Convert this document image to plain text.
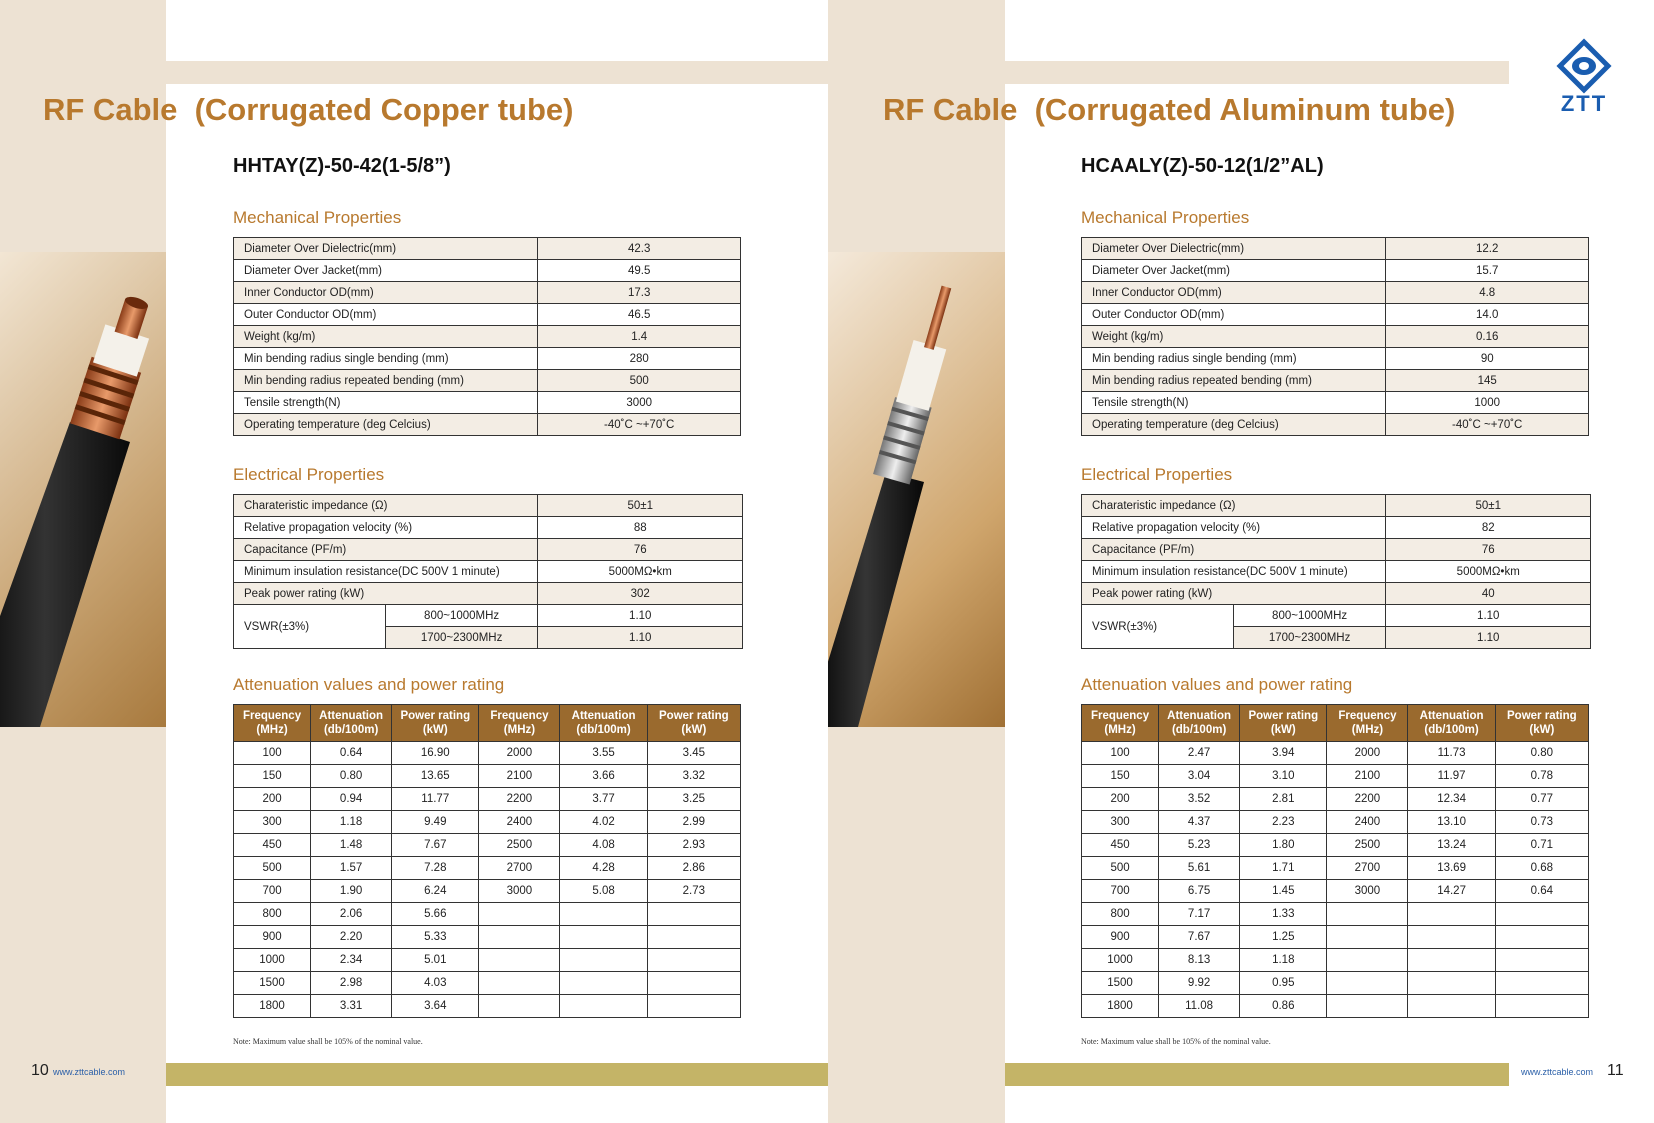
ZTT
RF Cable  (Corrugated Copper tube)
HHTAY(Z)-50-42(1-5/8”)
Mechanical Properties
Diameter Over Dielectric(mm)	42.3
Diameter Over Jacket(mm)	49.5
Inner Conductor OD(mm)	17.3
Outer Conductor OD(mm)	46.5
Weight (kg/m)	1.4
Min bending radius single bending (mm)	280
Min bending radius repeated bending (mm)	500
Tensile strength(N)	3000
Operating temperature (deg Celcius)	-40˚C ~+70˚C
Electrical Properties
Charateristic impedance (Ω)		50±1
Relative propagation velocity (%)		88
Capacitance (PF/m)		76
Minimum insulation resistance(DC 500V 1 minute)		5000MΩ•km
Peak power rating (kW)		302
VSWR(±3%)	800~1000MHz	1.10
	1700~2300MHz	1.10
Attenuation values and power rating
Frequency (MHz)	Attenuation (db/100m)	Power rating (kW)	Frequency (MHz)	Attenuation (db/100m)	Power rating (kW)
100	0.64	16.90	2000	3.55	3.45
150	0.80	13.65	2100	3.66	3.32
200	0.94	11.77	2200	3.77	3.25
300	1.18	9.49	2400	4.02	2.99
450	1.48	7.67	2500	4.08	2.93
500	1.57	7.28	2700	4.28	2.86
700	1.90	6.24	3000	5.08	2.73
800	2.06	5.66			
900	2.20	5.33			
1000	2.34	5.01			
1500	2.98	4.03			
1800	3.31	3.64			
Note: Maximum value shall be 105% of the nominal value.
10 www.zttcable.com
RF Cable  (Corrugated Aluminum tube)
HCAALY(Z)-50-12(1/2”AL)
Mechanical Properties
Diameter Over Dielectric(mm)	12.2
Diameter Over Jacket(mm)	15.7
Inner Conductor OD(mm)	4.8
Outer Conductor OD(mm)	14.0
Weight (kg/m)	0.16
Min bending radius single bending (mm)	90
Min bending radius repeated bending (mm)	145
Tensile strength(N)	1000
Operating temperature (deg Celcius)	-40˚C ~+70˚C
Electrical Properties
Charateristic impedance (Ω)		50±1
Relative propagation velocity (%)		82
Capacitance (PF/m)		76
Minimum insulation resistance(DC 500V 1 minute)		5000MΩ•km
Peak power rating (kW)		40
VSWR(±3%)	800~1000MHz	1.10
	1700~2300MHz	1.10
Attenuation values and power rating
Frequency (MHz)	Attenuation (db/100m)	Power rating (kW)	Frequency (MHz)	Attenuation (db/100m)	Power rating (kW)
100	2.47	3.94	2000	11.73	0.80
150	3.04	3.10	2100	11.97	0.78
200	3.52	2.81	2200	12.34	0.77
300	4.37	2.23	2400	13.10	0.73
450	5.23	1.80	2500	13.24	0.71
500	5.61	1.71	2700	13.69	0.68
700	6.75	1.45	3000	14.27	0.64
800	7.17	1.33			
900	7.67	1.25			
1000	8.13	1.18			
1500	9.92	0.95			
1800	11.08	0.86			
Note: Maximum value shall be 105% of the nominal value.
www.zttcable.com 11
